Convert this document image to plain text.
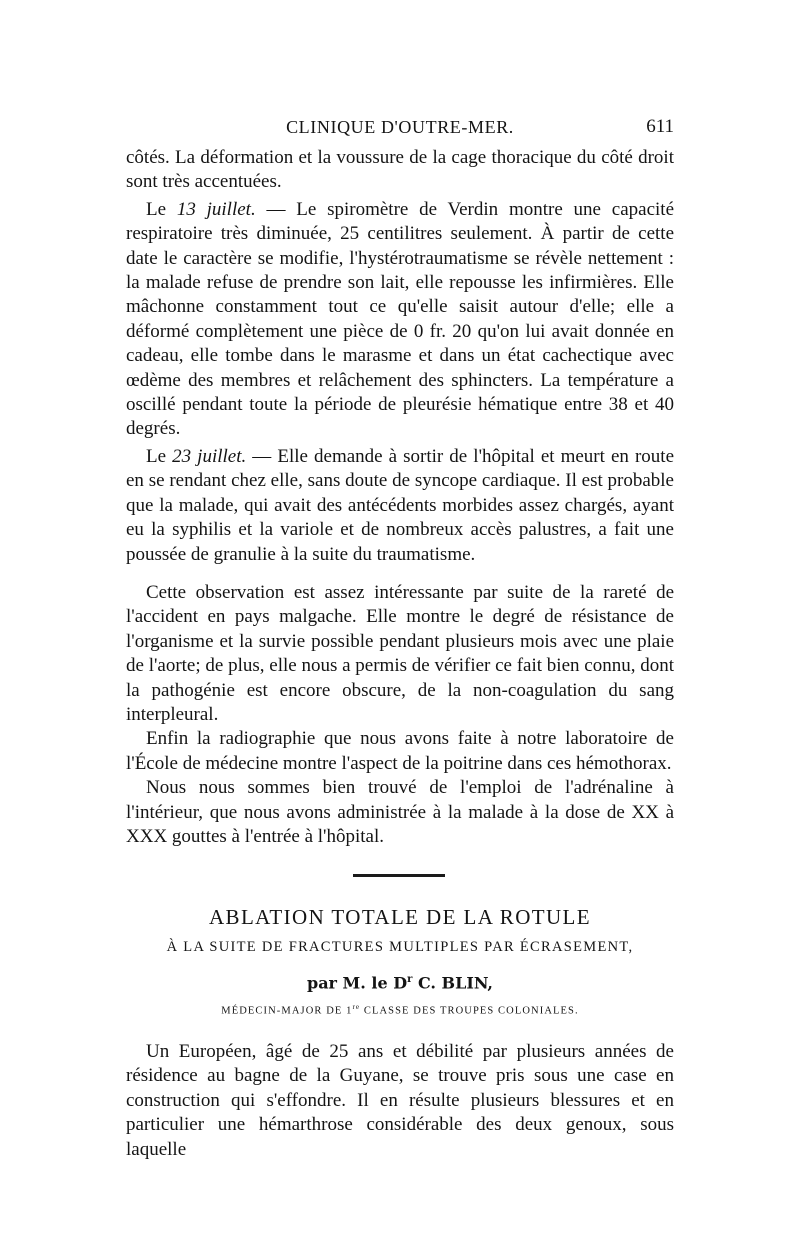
CLINIQUE D'OUTRE-MER.	611

côtés. La déformation et la voussure de la cage thoracique du côté droit sont très accentuées.

Le 13 juillet. — Le spiromètre de Verdin montre une capacité respiratoire très diminuée, 25 centilitres seulement. À partir de cette date le caractère se modifie, l'hystérotraumatisme se révèle nettement : la malade refuse de prendre son lait, elle repousse les infirmières. Elle mâchonne constamment tout ce qu'elle saisit autour d'elle; elle a déformé complètement une pièce de 0 fr. 20 qu'on lui avait donnée en cadeau, elle tombe dans le marasme et dans un état cachectique avec œdème des membres et relâchement des sphincters. La température a oscillé pendant toute la période de pleurésie hématique entre 38 et 40 degrés.

Le 23 juillet. — Elle demande à sortir de l'hôpital et meurt en route en se rendant chez elle, sans doute de syncope cardiaque. Il est probable que la malade, qui avait des antécédents morbides assez chargés, ayant eu la syphilis et la variole et de nombreux accès palustres, a fait une poussée de granulie à la suite du traumatisme.

Cette observation est assez intéressante par suite de la rareté de l'accident en pays malgache. Elle montre le degré de résistance de l'organisme et la survie possible pendant plusieurs mois avec une plaie de l'aorte; de plus, elle nous a permis de vérifier ce fait bien connu, dont la pathogénie est encore obscure, de la non-coagulation du sang interpleural.

Enfin la radiographie que nous avons faite à notre laboratoire de l'École de médecine montre l'aspect de la poitrine dans ces hémothorax.

Nous nous sommes bien trouvé de l'emploi de l'adrénaline à l'intérieur, que nous avons administrée à la malade à la dose de XX à XXX gouttes à l'entrée à l'hôpital.

ABLATION TOTALE DE LA ROTULE
À LA SUITE DE FRACTURES MULTIPLES PAR ÉCRASEMENT,
par M. le $D^r$ C. BLIN,
MÉDECIN-MAJOR DE 1re CLASSE DES TROUPES COLONIALES.

Un Européen, âgé de 25 ans et débilité par plusieurs années de résidence au bagne de la Guyane, se trouve pris sous une case en construction qui s'effondre. Il en résulte plusieurs blessures et en particulier une hémarthrose considérable des deux genoux, sous laquelle
